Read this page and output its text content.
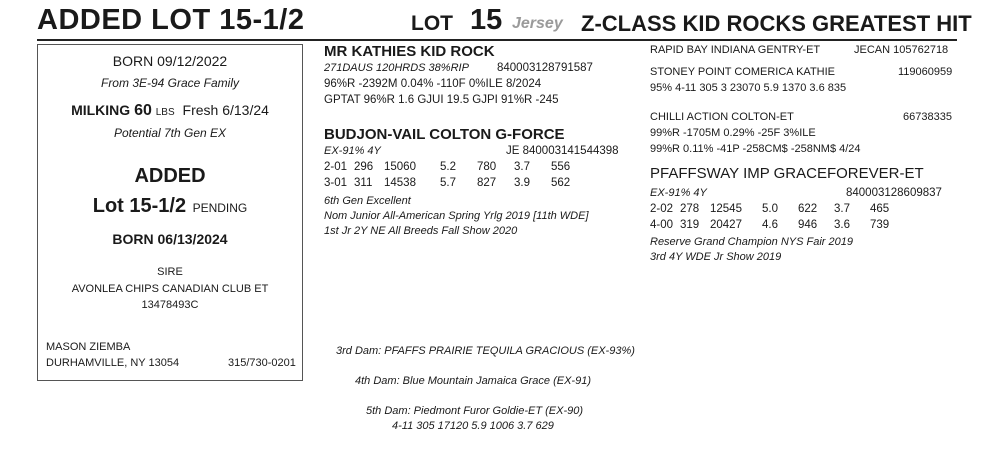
ADDED LOT 15-1/2	LOT 15 Jersey Z-CLASS KID ROCKS GREATEST HIT
BORN 09/12/2022
From 3E-94 Grace Family
MILKING 60 LBS Fresh 6/13/24
Potential 7th Gen EX
ADDED
Lot 15-1/2 PENDING
BORN 06/13/2024
SIRE
AVONLEA CHIPS CANADIAN CLUB ET
13478493C
MASON ZIEMBA
DURHAMVILLE, NY 13054	315/730-0201
MR KATHIES KID ROCK
271DAUS 120HRDS 38%RIP 840003128791587
96%R -2392M 0.04% -110F 0%ILE 8/2024
GPTAT 96%R 1.6 GJUI 19.5 GJPI 91%R -245
BUDJON-VAIL COLTON G-FORCE
EX-91% 4Y	JE 840003141544398
2-01 296 15060 5.2 780 3.7 556
3-01 311 14538 5.7 827 3.9 562
6th Gen Excellent
Nom Junior All-American Spring Yrlg 2019 [11th WDE]
1st Jr 2Y NE All Breeds Fall Show 2020
RAPID BAY INDIANA GENTRY-ET	JECAN 105762718
STONEY POINT COMERICA KATHIE	119060959
95% 4-11 305 3 23070 5.9 1370 3.6 835
CHILLI ACTION COLTON-ET	66738335
99%R -1705M 0.29% -25F 3%ILE
99%R 0.11% -41P -258CM$ -258NM$ 4/24
PFAFFSWAY IMP GRACEFOREVER-ET
EX-91% 4Y	840003128609837
2-02 278 12545 5.0 622 3.7 465
4-00 319 20427 4.6 946 3.6 739
Reserve Grand Champion NYS Fair 2019
3rd 4Y WDE Jr Show 2019
3rd Dam: PFAFFS PRAIRIE TEQUILA GRACIOUS (EX-93%)
4th Dam: Blue Mountain Jamaica Grace (EX-91)
5th Dam: Piedmont Furor Goldie-ET (EX-90)
4-11 305 17120 5.9 1006 3.7 629
